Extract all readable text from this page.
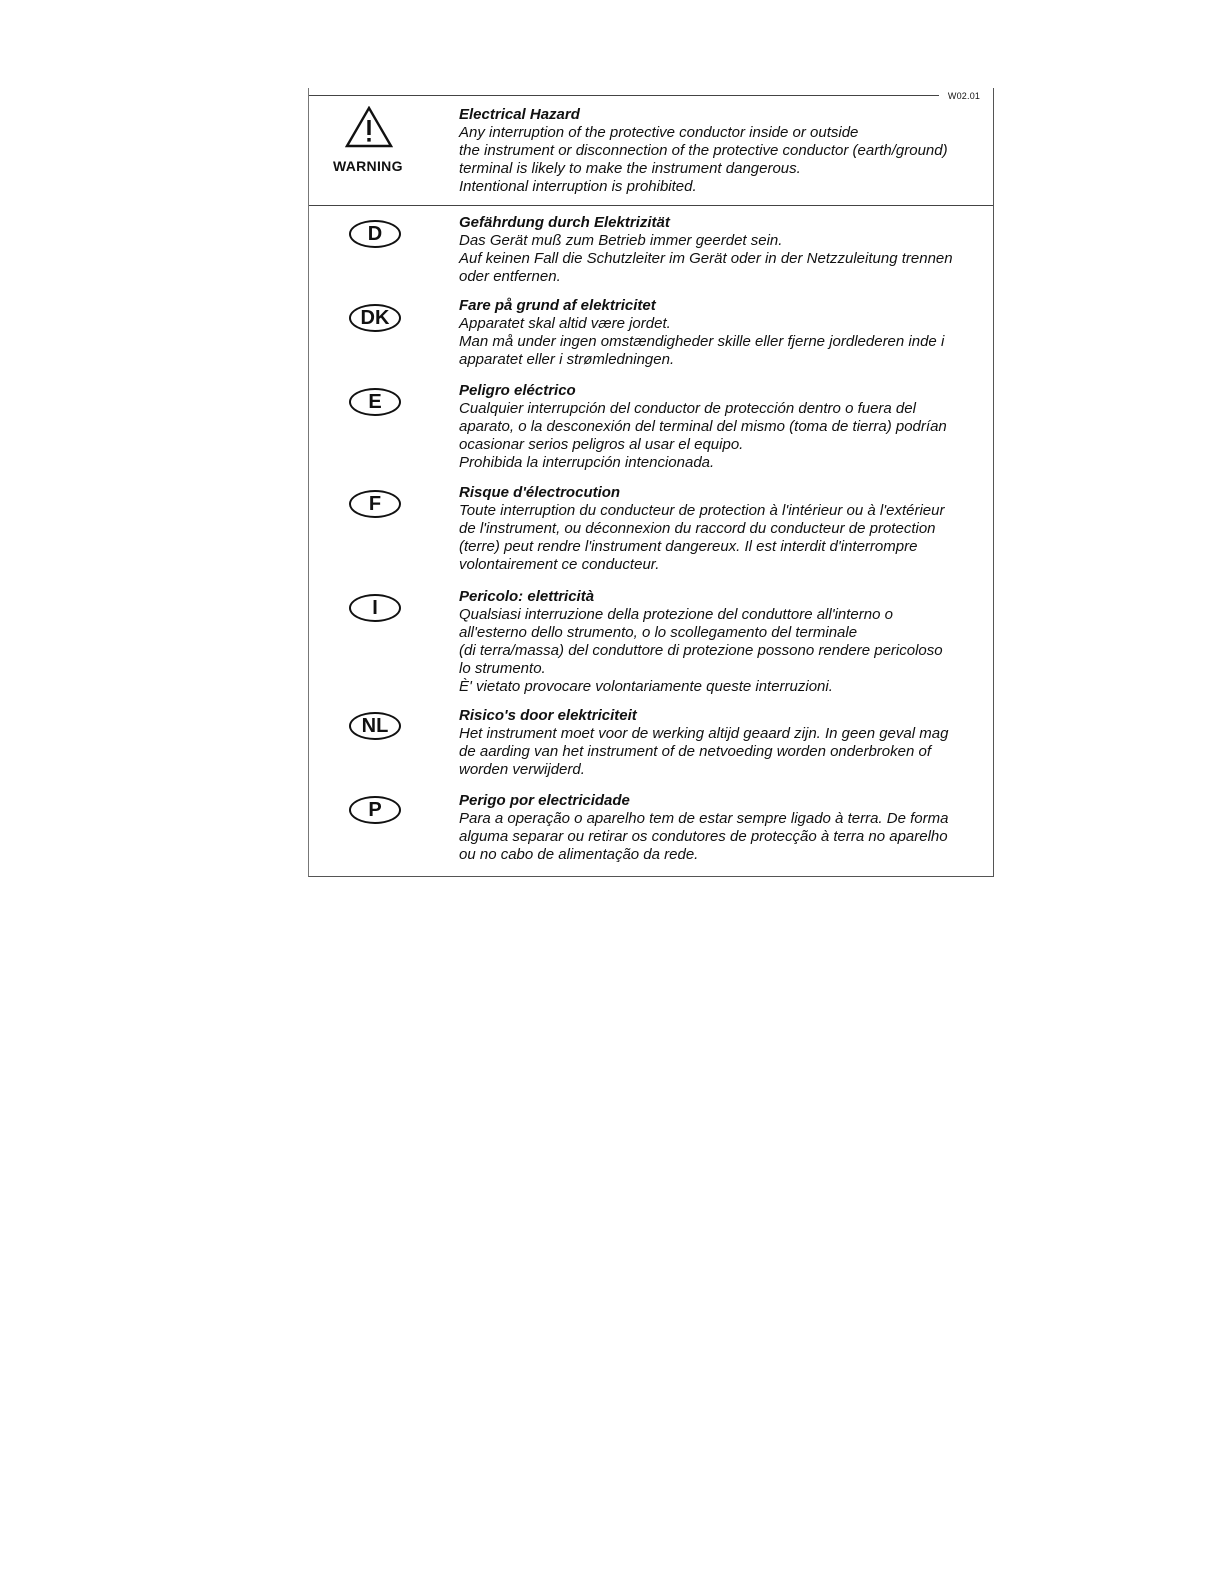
W02.01
WARNING

Electrical Hazard

Any interruption of the protective conductor inside or outside

the instrument or disconnection of the protective conductor (earth/ground)

terminal is likely to make the instrument dangerous.

Intentional interruption is prohibited.

D

Gefährdung durch Elektrizität

Das Gerät muß zum Betrieb immer geerdet sein.

Auf keinen Fall die Schutzleiter im Gerät oder in der Netzzuleitung trennen

oder entfernen.

DK

Fare på grund af elektricitet

Apparatet skal altid være jordet.

Man må under ingen omstændigheder skille eller fjerne jordlederen inde i

apparatet eller i strømledningen.

E

Peligro eléctrico

Cualquier interrupción del conductor de protección dentro o fuera del

aparato, o la desconexión del terminal del mismo (toma de tierra) podrían

ocasionar serios peligros al usar el equipo.

Prohibida la interrupción intencionada.

F

Risque d'électrocution

Toute interruption du conducteur de protection à l'intérieur ou à l'extérieur

de l'instrument, ou déconnexion du raccord du conducteur de protection

(terre) peut rendre l'instrument dangereux. Il est interdit d'interrompre

volontairement ce conducteur.

I

Pericolo: elettricità

Qualsiasi interruzione della protezione del conduttore all'interno o

all'esterno dello strumento, o lo scollegamento del terminale

(di terra/massa) del conduttore di protezione possono rendere pericoloso

lo strumento.

È' vietato provocare volontariamente queste interruzioni.

NL	Risico's door elektriciteit

Het instrument moet voor de werking altijd geaard zijn. In geen geval mag

de aarding van het instrument of de netvoeding worden onderbroken of

worden verwijderd.

P	Perigo por electricidade

Para a operação o aparelho tem de estar sempre ligado à terra. De forma

alguma separar ou retirar os condutores de protecção à terra no aparelho

ou no cabo de alimentação da rede.
